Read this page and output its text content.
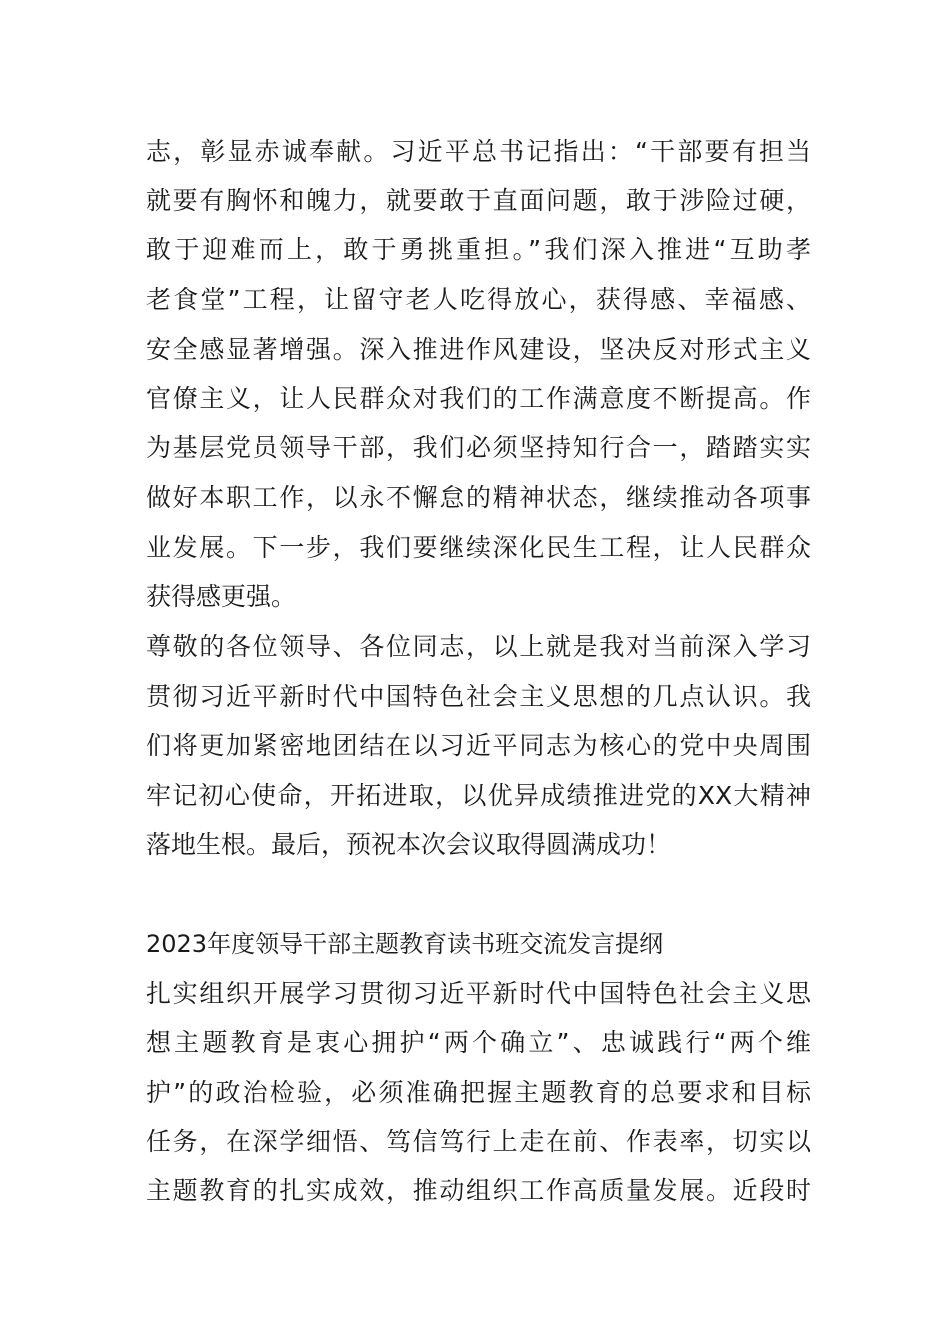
志，彰显赤诚奉献。习近平总书记指出：“干部要有担当
就要有胸怀和魄力，就要敢于直面问题，敢于涉险过硬，
敢于迎难而上，敢于勇挑重担。”我们深入推进“互助孝
老食堂”工程，让留守老人吃得放心，获得感、幸福感、
安全感显著增强。深入推进作风建设，坚决反对形式主义
官僚主义，让人民群众对我们的工作满意度不断提高。作
为基层党员领导干部，我们必须坚持知行合一，踏踏实实
做好本职工作，以永不懈怠的精神状态，继续推动各项事
业发展。下一步，我们要继续深化民生工程，让人民群众
获得感更强。
尊敬的各位领导、各位同志，以上就是我对当前深入学习
贯彻习近平新时代中国特色社会主义思想的几点认识。我
们将更加紧密地团结在以习近平同志为核心的党中央周围
牢记初心使命，开拓进取，以优异成绩推进党的XX大精神
落地生根。最后，预祝本次会议取得圆满成功！
2023年度领导干部主题教育读书班交流发言提纲
扎实组织开展学习贯彻习近平新时代中国特色社会主义思
想主题教育是衷心拥护“两个确立”、忠诚践行“两个维
护”的政治检验，必须准确把握主题教育的总要求和目标
任务，在深学细悟、笃信笃行上走在前、作表率，切实以
主题教育的扎实成效，推动组织工作高质量发展。近段时
